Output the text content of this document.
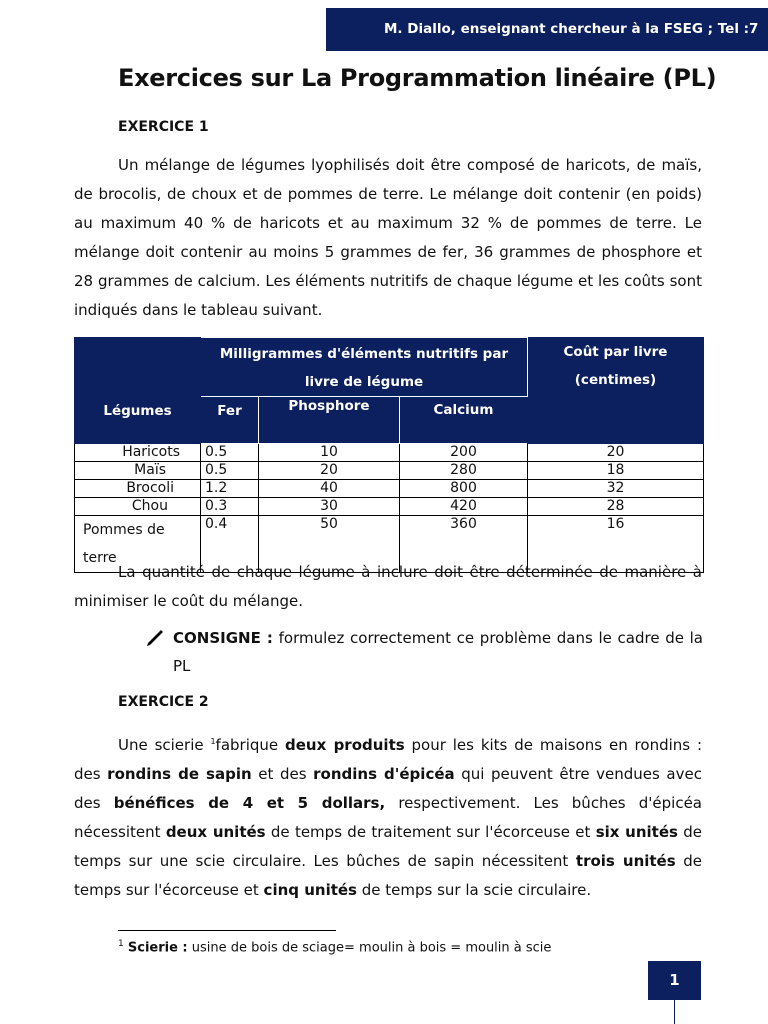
M. Diallo, enseignant chercheur à la FSEG ; Tel :7
Exercices sur La Programmation linéaire (PL)
EXERCICE 1

Un mélange de légumes lyophilisés doit être composé de haricots, de maïs, de brocolis, de choux et de pommes de terre. Le mélange doit contenir (en poids) au maximum 40 % de haricots et au maximum 32 % de pommes de terre. Le mélange doit contenir au moins 5 grammes de fer, 36 grammes de phosphore et 28 grammes de calcium. Les éléments nutritifs de chaque légume et les coûts sont indiqués dans le tableau suivant.

	Milligrammes d'éléments nutritifs par livre de légume			Coût par livre (centimes)
Légumes	Fer	Phosphore	Calcium	
Haricots	0.5	10	200	20
Maïs	0.5	20	280	18
Brocoli	1.2	40	800	32
Chou	0.3	30	420	28
Pommes de terre	0.4	50	360	16

La quantité de chaque légume à inclure doit être déterminée de manière à minimiser le coût du mélange.

CONSIGNE : formulez correctement ce problème dans le cadre de la PL
EXERCICE 2

Une scierie $^1$fabrique deux produits pour les kits de maisons en rondins : des rondins de sapin et des rondins d'épicéa qui peuvent être vendues avec des bénéfices de 4 et 5 dollars, respectivement. Les bûches d'épicéa nécessitent deux unités de temps de traitement sur l'écorceuse et six unités de temps sur une scie circulaire. Les bûches de sapin nécessitent trois unités de temps sur l'écorceuse et cinq unités de temps sur la scie circulaire.

$^1$ Scierie : usine de bois de sciage= moulin à bois = moulin à scie
1
